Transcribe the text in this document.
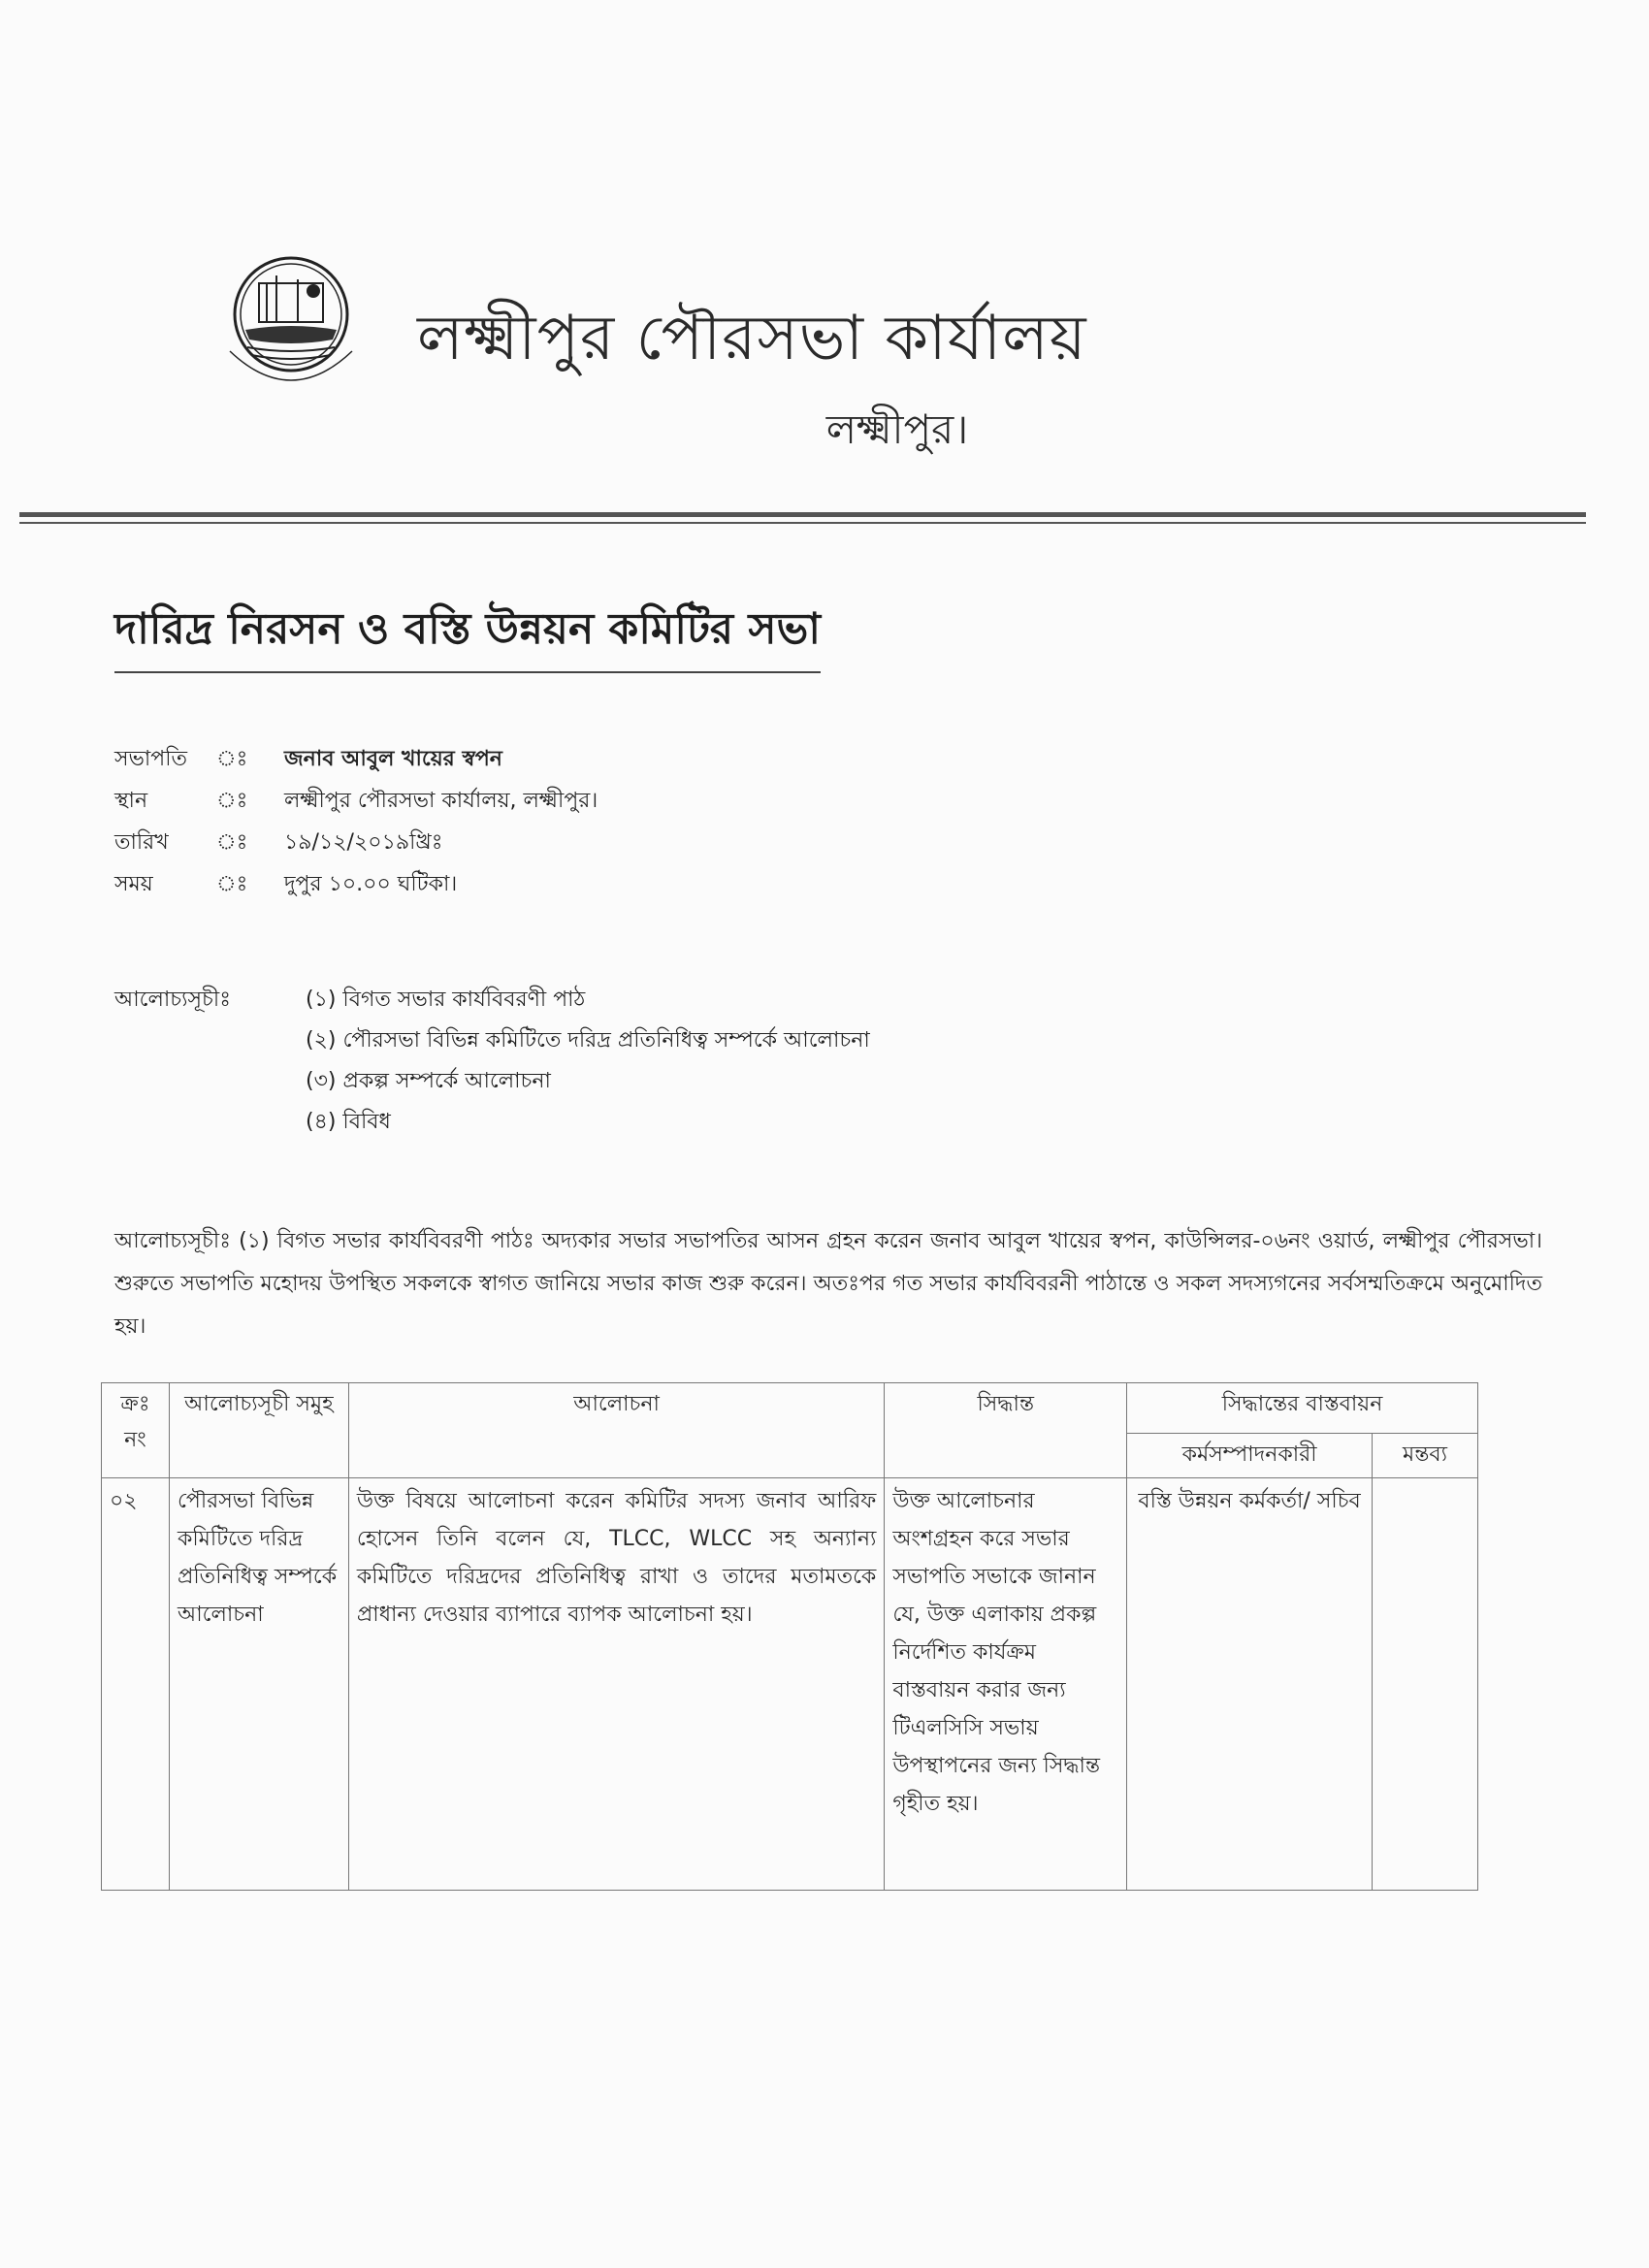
লক্ষ্মীপুর পৌরসভা কার্যালয়
লক্ষ্মীপুর।
দারিদ্র নিরসন ও বস্তি উন্নয়ন কমিটির সভা
সভাপতি ঃ জনাব আবুল খায়ের স্বপন
স্থান	ঃ লক্ষ্মীপুর পৌরসভা কার্যালয়, লক্ষ্মীপুর।
তারিখ ঃ ১৯/১২/২০১৯খ্রিঃ
সময়	ঃ দুপুর ১০.০০ ঘটিকা।
আলোচ্যসূচীঃ	(১) বিগত সভার কার্যবিবরণী পাঠ
(২) পৌরসভা বিভিন্ন কমিটিতে দরিদ্র প্রতিনিধিত্ব সম্পর্কে আলোচনা
(৩) প্রকল্প সম্পর্কে আলোচনা
(৪) বিবিধ
আলোচ্যসূচীঃ (১) বিগত সভার কার্যবিবরণী পাঠঃ অদ্যকার সভার সভাপতির আসন গ্রহন করেন জনাব আবুল খায়ের স্বপন, কাউন্সিলর-০৬নং ওয়ার্ড, লক্ষ্মীপুর পৌরসভা। শুরুতে সভাপতি মহোদয় উপস্থিত সকলকে স্বাগত জানিয়ে সভার কাজ শুরু করেন। অতঃপর গত সভার কার্যবিবরনী পাঠান্তে ও সকল সদস্যগনের সর্বসম্মতিক্রমে অনুমোদিত হয়।
ক্রঃ নং	আলোচ্যসূচী সমুহ	আলোচনা	সিদ্ধান্ত	সিদ্ধান্তের বাস্তবায়ন	
				কর্মসম্পাদনকারী	মন্তব্য
০২	পৌরসভা বিভিন্ন কমিটিতে দরিদ্র প্রতিনিধিত্ব সম্পর্কে আলোচনা	উক্ত বিষয়ে আলোচনা করেন কমিটির সদস্য জনাব আরিফ হোসেন তিনি বলেন যে, TLCC, WLCC সহ অন্যান্য কমিটিতে দরিদ্রদের প্রতিনিধিত্ব রাখা ও তাদের মতামতকে প্রাধান্য দেওয়ার ব্যাপারে ব্যাপক আলোচনা হয়।	উক্ত আলোচনার অংশগ্রহন করে সভার সভাপতি সভাকে জানান যে, উক্ত এলাকায় প্রকল্প নির্দেশিত কার্যক্রম বাস্তবায়ন করার জন্য টিএলসিসি সভায় উপস্থাপনের জন্য সিদ্ধান্ত গৃহীত হয়।	বস্তি উন্নয়ন কর্মকর্তা/ সচিব	
